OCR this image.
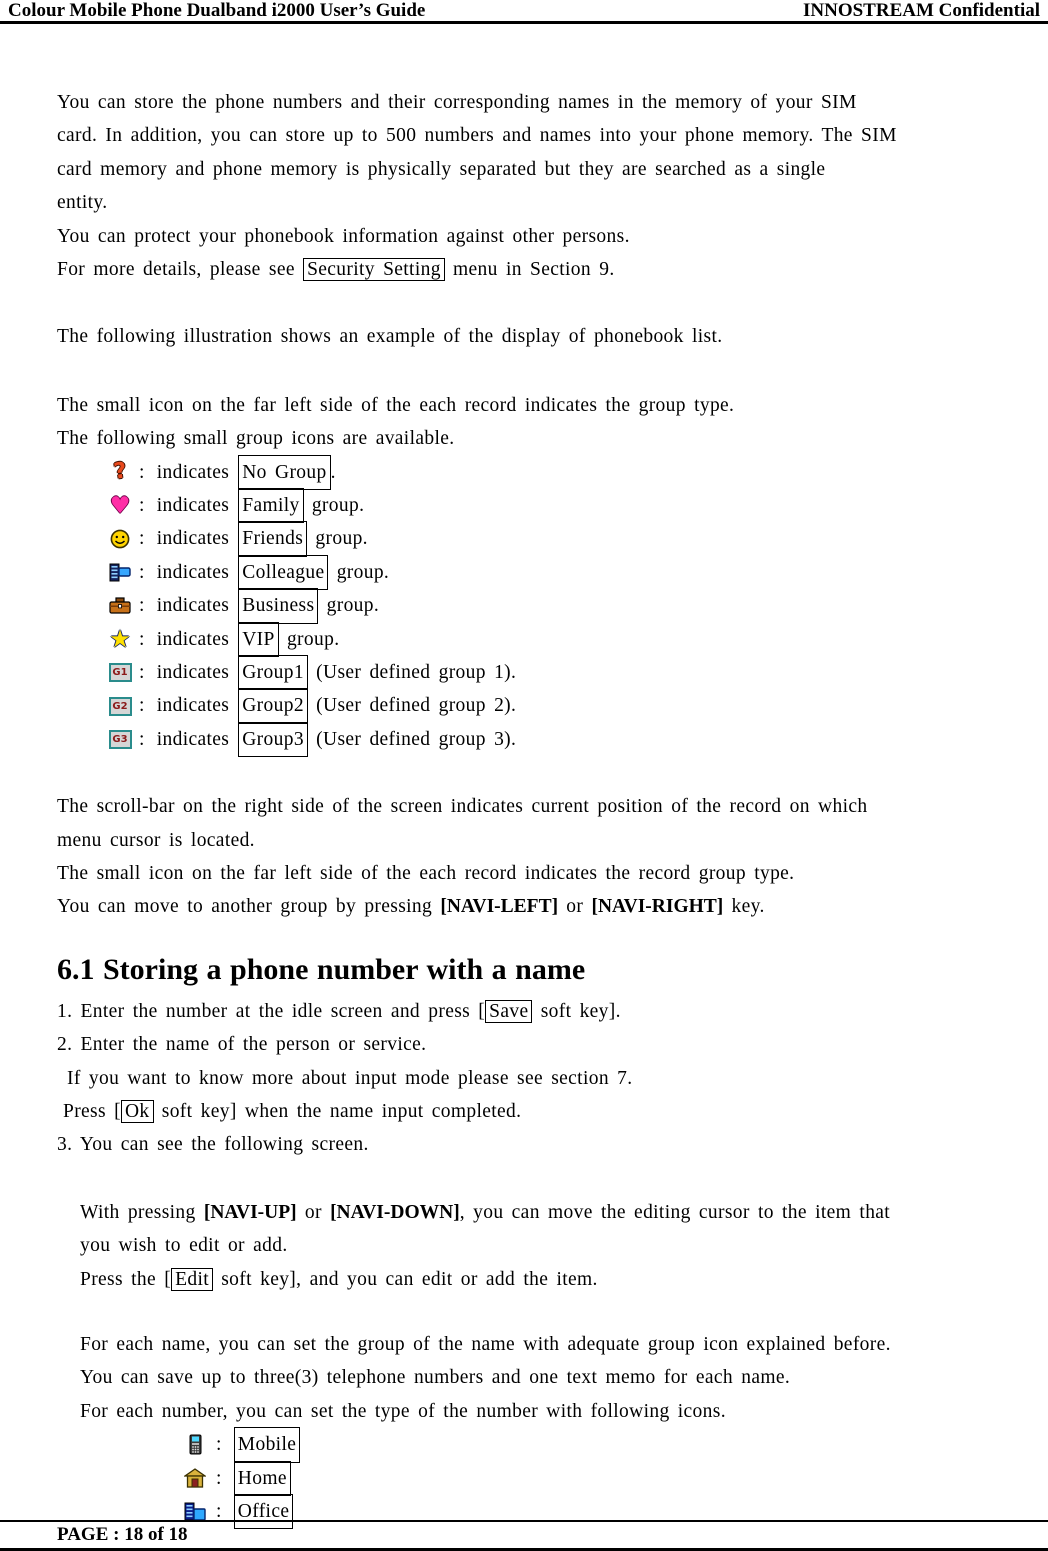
Colour Mobile Phone Dualband i2000 User’s Guide	INNOSTREAM Confidential
You can store the phone numbers and their corresponding names in the memory of your SIM
card. In addition, you can store up to 500 numbers and names into your phone memory. The SIM
card memory and phone memory is physically separated but they are searched as a single
entity.
You can protect your phonebook information against other persons.
For more details, please see Security Setting menu in Section 9.
The following illustration shows an example of the display of phonebook list.
The small icon on the far left side of the each record indicates the group type.
The following small group icons are available.
? : indicates No Group .
♥ : indicates Family group.
: indicates Friends group.
: indicates Colleague group.
: indicates Business group.
★ : indicates VIP group.
G1 : indicates Group1 (User defined group 1).
G2 : indicates Group2 (User defined group 2).
G3 : indicates Group3 (User defined group 3).
The scroll-bar on the right side of the screen indicates current position of the record on which
menu cursor is located.
The small icon on the far left side of the each record indicates the record group type.
You can move to another group by pressing [NAVI-LEFT] or [NAVI-RIGHT] key.
6.1 Storing a phone number with a name
1. Enter the number at the idle screen and press [ Save soft key].
2. Enter the name of the person or service.
If you want to know more about input mode please see section 7.
Press [ Ok soft key] when the name input completed.
3. You can see the following screen.
With pressing [NAVI-UP] or [NAVI-DOWN], you can move the editing cursor to the item that
you wish to edit or add.
Press the [ Edit soft key], and you can edit or add the item.
For each name, you can set the group of the name with adequate group icon explained before.
You can save up to three(3) telephone numbers and one text memo for each name.
For each number, you can set the type of the number with following icons.
: Mobile
: Home
: Office
PAGE : 18 of 18
